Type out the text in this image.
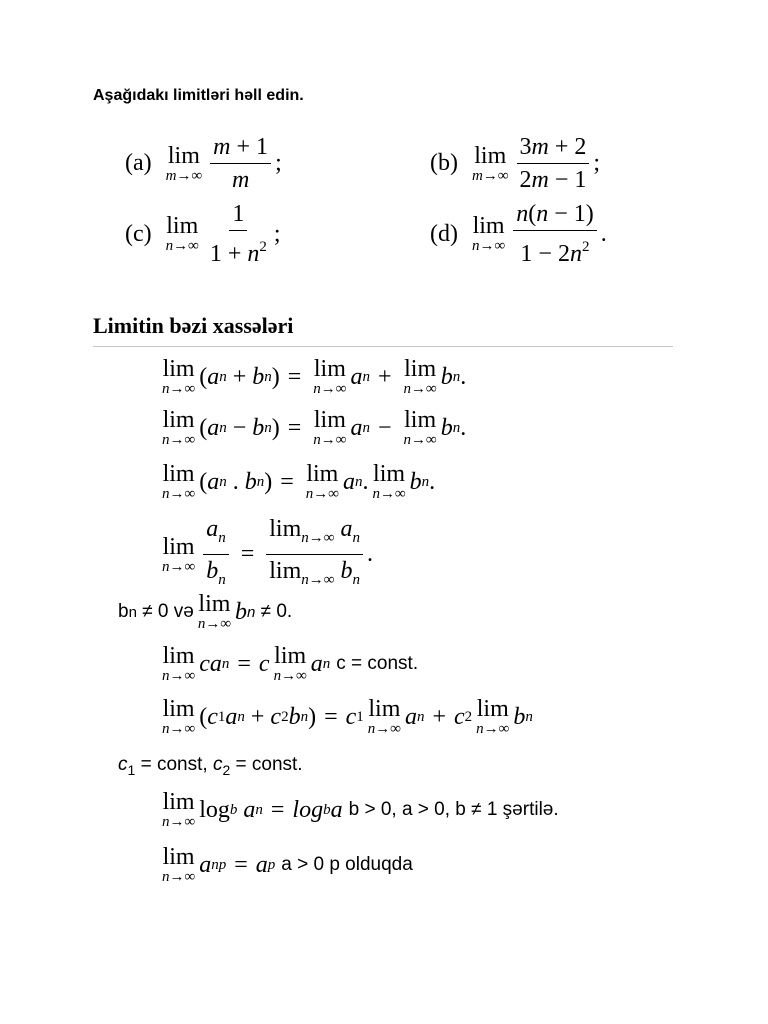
Aşağıdakı limitləri həll edin.
(a) lim
$m\to\infty \frac{m + 1}{m}$ ;	(b) lim
$m\to\infty \frac{3m + 2}{2m - 1}$ ;
(c) lim
$n\to\infty \frac{1}{1 + n^2}$ ;	(d) lim
$n\to\infty \frac{n(n - 1)}{1 - 2n^2}$ .
Limitin bəzi xassələri
lim
n→∞ ( a n + b n ) = lim
n→∞ a n + lim
n→∞ b n .
lim
n→∞ ( a n − b n ) = lim
n→∞ a n − lim
n→∞ b n .
lim
n→∞ ( a n . b n ) = lim
n→∞ a n . lim
n→∞ b n .
lim
$n\to\infty \frac{a_n}{b_n} = \frac{\lim_{n\to\infty} a_n}{\lim_{n\to\infty} b_n}$ .
b n
≠ 0 və lim
n→∞ b n
≠ 0.
lim
n→∞ ca n = c lim
n→∞ a n
c = const.
lim
n→∞ ( c 1 a n + c 2 b n ) = c 1 lim
n→∞ a n + c 2 lim
n→∞ b n
$c_1$ = const, $c_2$ = const.
lim
n→∞ log b
a n = log b a
b > 0, a > 0, b ≠ 1 şərtilə.
lim
n→∞ a n p = a p
a > 0 p olduqda
